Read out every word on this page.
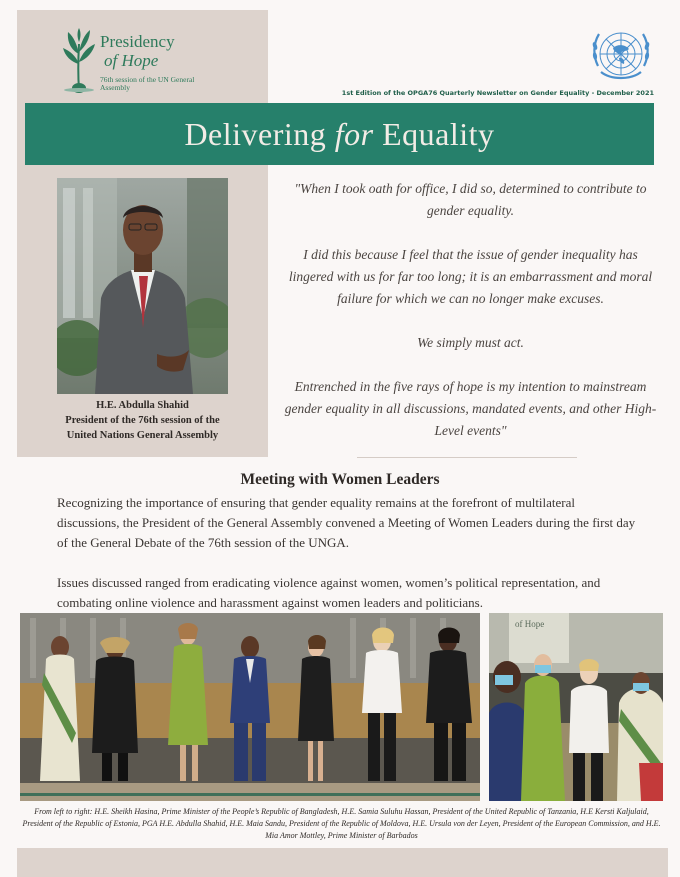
Presidency
of Hope
76th session of the UN General Assembly
1st Edition of the OPGA76 Quarterly Newsletter on Gender Equality - December 2021
Delivering
for
Equality
H.E. Abdulla Shahid
President of the 76th session of the
United Nations General Assembly

"When I took oath for office, I did so, determined to contribute to gender equality.

I did this because I feel that the issue of gender inequality has lingered with us for far too long; it is an embarrassment and moral failure for which we can no longer make excuses.

We simply must act.

Entrenched in the five rays of hope is my intention to mainstream gender equality in all discussions, mandated events, and other High-Level events"

Meeting with Women Leaders

Recognizing the importance of ensuring that gender equality remains at the forefront of multilateral discussions, the President of the General Assembly convened a Meeting of Women Leaders during the first day of the General Debate of the 76th session of the UNGA.

Issues discussed ranged from eradicating violence against women, women’s political representation, and combating online violence and harassment against women leaders and politicians.

of Hope
From left to right: H.E. Sheikh Hasina, Prime Minister of the People’s Republic of Bangladesh, H.E. Samia Suluhu Hassan, President of the United Republic of Tanzania, H.E Kersti Kaljulaid, President of the Republic of Estonia, PGA H.E. Abdulla Shahid, H.E. Maia Sandu, President of the Republic of Moldova, H.E. Ursula von der Leyen, President of the European Commission, and H.E. Mia Amor Mottley, Prime Minister of Barbados
